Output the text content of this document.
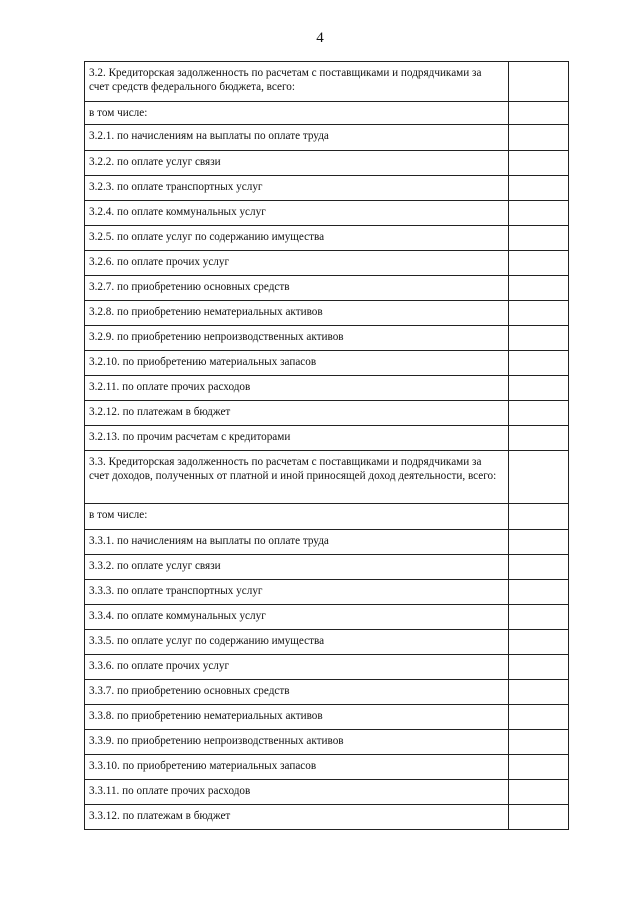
4
3.2. Кредиторская задолженность по расчетам с поставщиками и подрядчиками за счет средств федерального бюджета, всего:	
в том числе:	
3.2.1. по начислениям на выплаты по оплате труда	
3.2.2. по оплате услуг связи	
3.2.3. по оплате транспортных услуг	
3.2.4. по оплате коммунальных услуг	
3.2.5. по оплате услуг по содержанию имущества	
3.2.6. по оплате прочих услуг	
3.2.7. по приобретению основных средств	
3.2.8. по приобретению нематериальных активов	
3.2.9. по приобретению непроизводственных активов	
3.2.10. по приобретению материальных запасов	
3.2.11. по оплате прочих расходов	
3.2.12. по платежам в бюджет	
3.2.13. по прочим расчетам с кредиторами	
3.3. Кредиторская задолженность по расчетам с поставщиками и подрядчиками за счет доходов, полученных от платной и иной приносящей доход деятельности, всего:	
в том числе:	
3.3.1. по начислениям на выплаты по оплате труда	
3.3.2. по оплате услуг связи	
3.3.3. по оплате транспортных услуг	
3.3.4. по оплате коммунальных услуг	
3.3.5. по оплате услуг по содержанию имущества	
3.3.6. по оплате прочих услуг	
3.3.7. по приобретению основных средств	
3.3.8. по приобретению нематериальных активов	
3.3.9. по приобретению непроизводственных активов	
3.3.10. по приобретению материальных запасов	
3.3.11. по оплате прочих расходов	
3.3.12. по платежам в бюджет	
